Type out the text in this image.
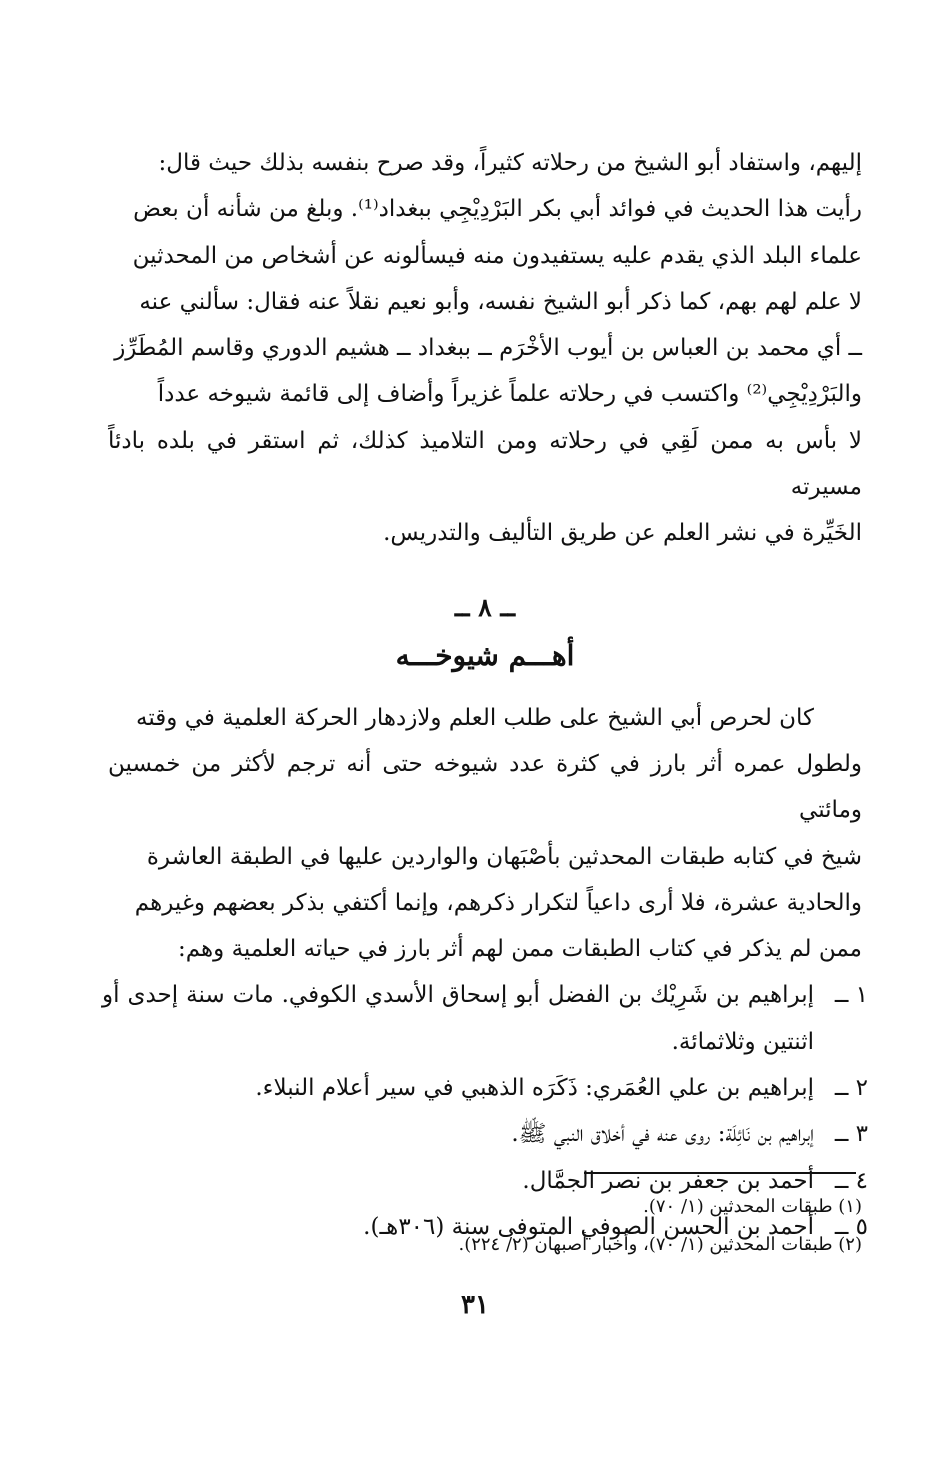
إليهم، واستفاد أبو الشيخ من رحلاته كثيراً، وقد صرح بنفسه بذلك حيث قال:

رأيت هذا الحديث في فوائد أبي بكر البَرْدِيْجِي ببغداد⁽¹⁾. وبلغ من شأنه أن بعض

علماء البلد الذي يقدم عليه يستفيدون منه فيسألونه عن أشخاص من المحدثين

لا علم لهم بهم، كما ذكر أبو الشيخ نفسه، وأبو نعيم نقلاً عنه فقال: سألني عنه

ــ أي محمد بن العباس بن أيوب الأخْرَم ــ ببغداد ــ هشيم الدوري وقاسم المُطَرِّز

والبَرْدِيْجِي⁽²⁾ واكتسب في رحلاته علماً غزيراً وأضاف إلى قائمة شيوخه عدداً

لا بأس به ممن لَقِي في رحلاته ومن التلاميذ كذلك، ثم استقر في بلده بادئاً مسيرته

الخَيِّرة في نشر العلم عن طريق التأليف والتدريس.

ــ ٨ ــ
أهـــم شيوخـــه

كان لحرص أبي الشيخ على طلب العلم ولازدهار الحركة العلمية في وقته

ولطول عمره أثر بارز في كثرة عدد شيوخه حتى أنه ترجم لأكثر من خمسين ومائتي

شيخ في كتابه طبقات المحدثين بأصْبَهان والواردين عليها في الطبقة العاشرة

والحادية عشرة، فلا أرى داعياً لتكرار ذكرهم، وإنما أكتفي بذكر بعضهم وغيرهم

ممن لم يذكر في كتاب الطبقات ممن لهم أثر بارز في حياته العلمية وهم:

١ ــ
إبراهيم بن شَرِيْك بن الفضل أبو إسحاق الأسدي الكوفي. مات سنة إحدى أو اثنتين وثلاثمائة.
٢ ــ
إبراهيم بن علي العُمَري: ذَكَرَه الذهبي في سير أعلام النبلاء.
٣ ــ
إبراهيم بن نَائِلَة: روى عنه في أخلاق النبي ﷺ.
٤ ــ
أحمد بن جعفر بن نصر الجمَّال.
٥ ــ
أحمد بن الحسن الصوفي المتوفى سنة (٣٠٦هـ).
(١) طبقات المحدثين (١/ ٧٠).
(٢) طبقات المحدثين (١/ ٧٠)، وأخبار أصبهان (٢/ ٢٢٤).
٣١
